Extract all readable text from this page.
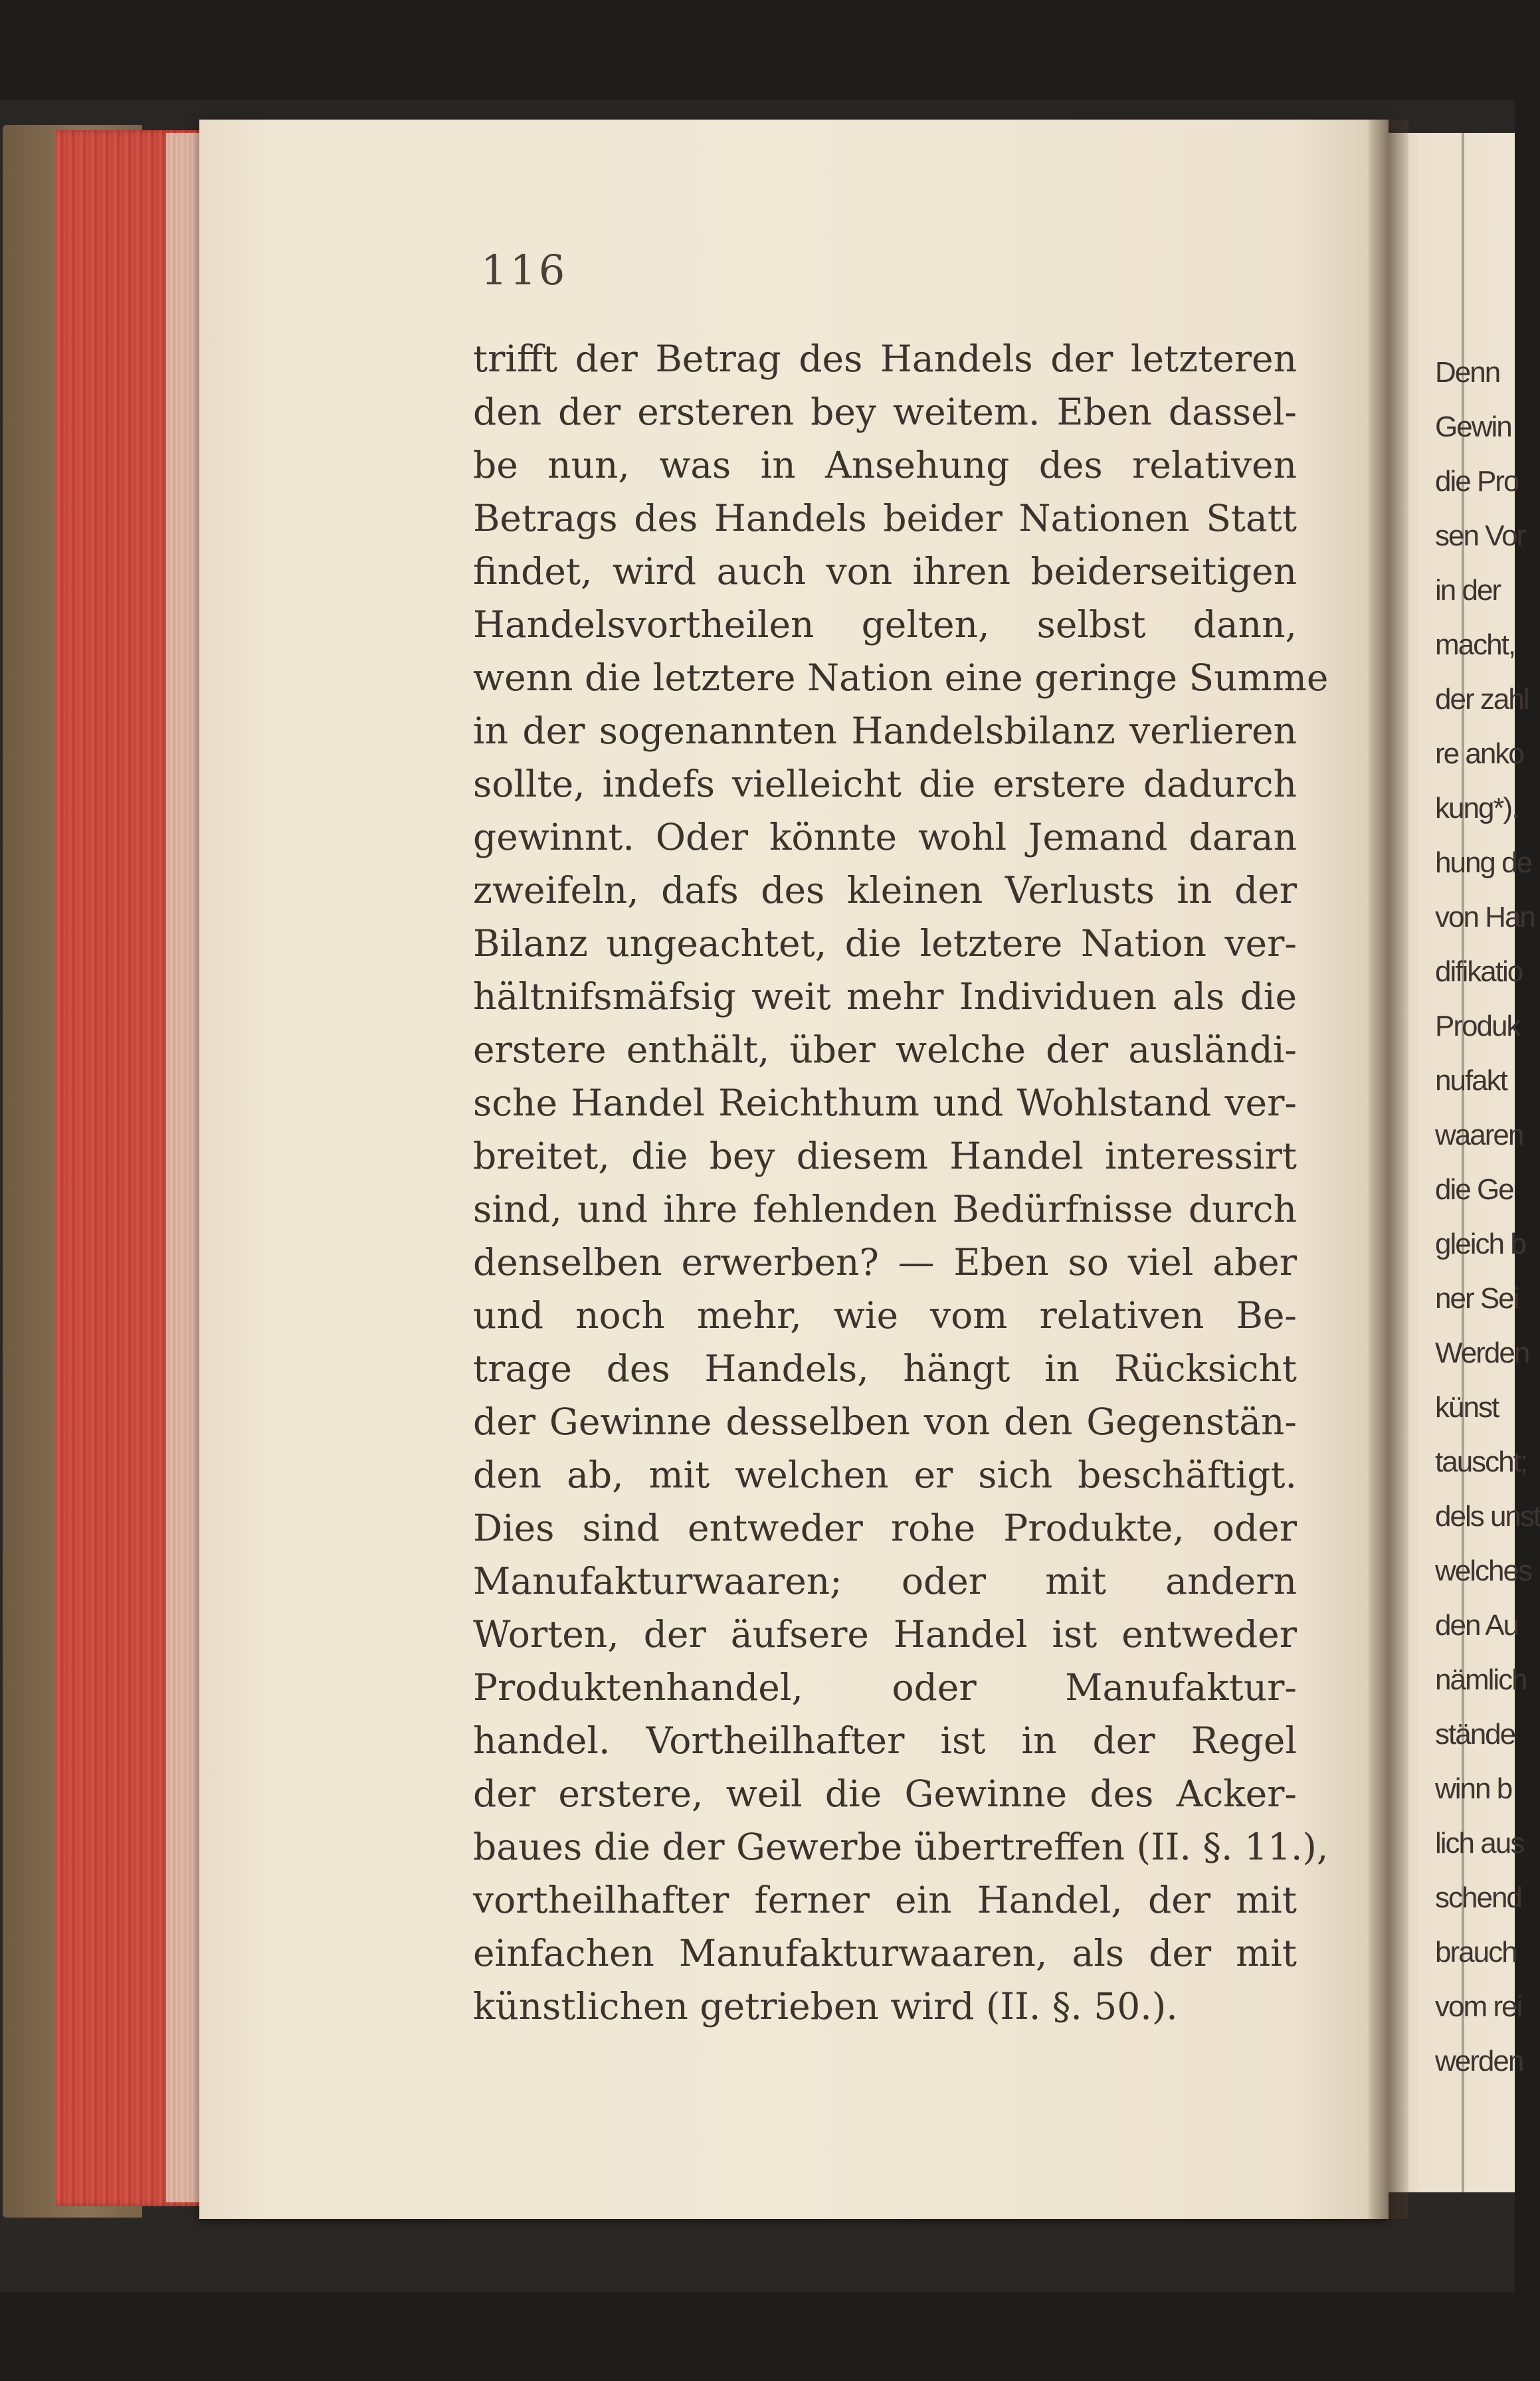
116
trifft der Betrag des Handels der letzteren
den der ersteren bey weitem. Eben dassel-
be nun, was in Ansehung des relativen
Betrags des Handels beider Nationen Statt
findet, wird auch von ihren beiderseitigen
Handelsvortheilen gelten, selbst dann,
wenn die letztere Nation eine geringe Summe
in der sogenannten Handelsbilanz verlieren
sollte, indefs vielleicht die erstere dadurch
gewinnt. Oder könnte wohl Jemand daran
zweifeln, dafs des kleinen Verlusts in der
Bilanz ungeachtet, die letztere Nation ver-
hältnifsmäfsig weit mehr Individuen als die
erstere enthält, über welche der ausländi-
sche Handel Reichthum und Wohlstand ver-
breitet, die bey diesem Handel interessirt
sind, und ihre fehlenden Bedürfnisse durch
denselben erwerben? — Eben so viel aber
und noch mehr, wie vom relativen Be-
trage des Handels, hängt in Rücksicht
der Gewinne desselben von den Gegenstän-
den ab, mit welchen er sich beschäftigt.
Dies sind entweder rohe Produkte, oder
Manufakturwaaren; oder mit andern
Worten, der äufsere Handel ist entweder
Produktenhandel, oder Manufaktur-
handel. Vortheilhafter ist in der Regel
der erstere, weil die Gewinne des Acker-
baues die der Gewerbe übertreffen (II. §. 11.),
vortheilhafter ferner ein Handel, der mit
einfachen Manufakturwaaren, als der mit
künstlichen getrieben wird (II. §. 50.).
Denn
Gewin
die Pro
sen Vor
in der
macht,
der zahl
re anko
kung*).
hung de
von Han
difikatio
Produk
nufakt
waaren
die Ge
gleich b
ner Sei
Werden
künst
tauscht;
dels unst
welches
den Au
nämlich
stände
winn b
lich aus
schend
brauch
vom rei
werden
